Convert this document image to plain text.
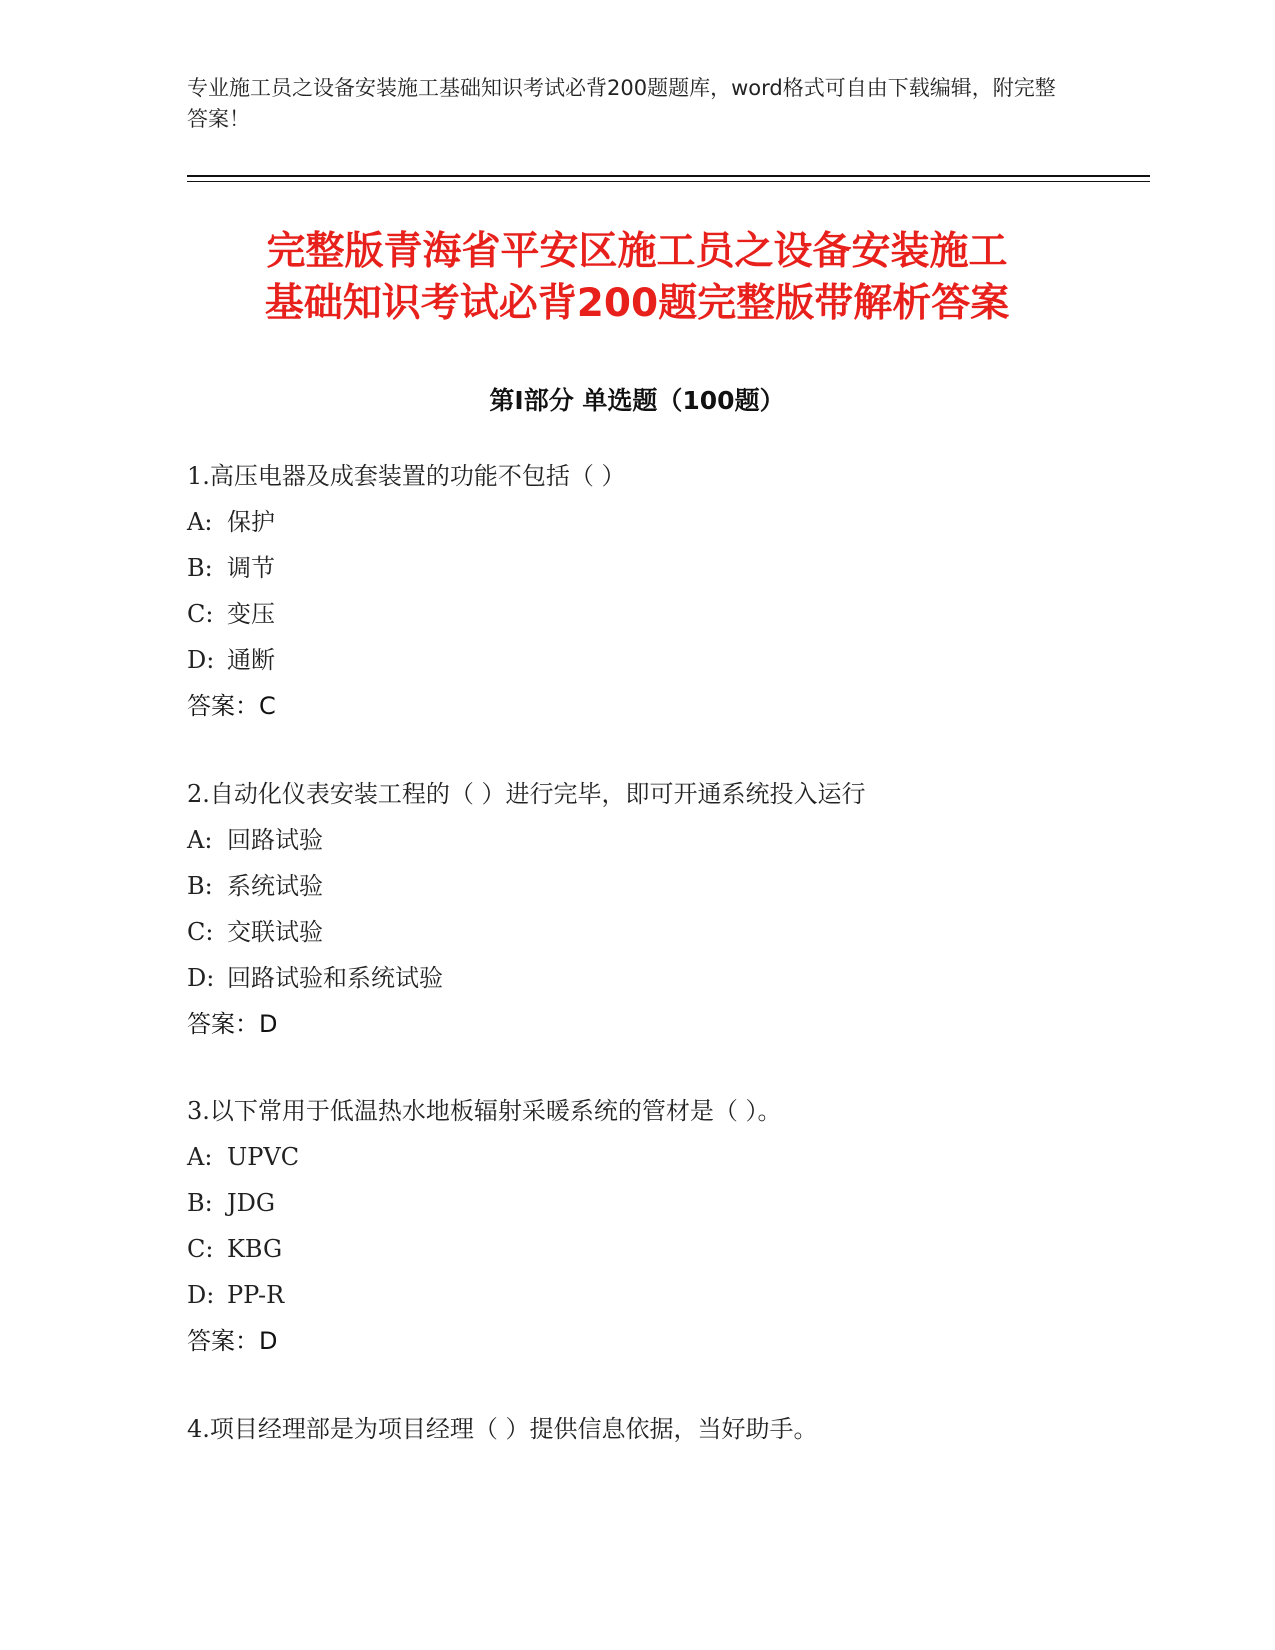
专业施工员之设备安装施工基础知识考试必背200题题库，word格式可自由下载编辑，附完整答案！
完整版青海省平安区施工员之设备安装施工
基础知识考试必背200题完整版带解析答案
第Ⅰ部分 单选题（100题）
1.高压电器及成套装置的功能不包括（ ）
A: 保护
B: 调节
C: 变压
D: 通断
答案：C
2.自动化仪表安装工程的（ ）进行完毕，即可开通系统投入运行
A: 回路试验
B: 系统试验
C: 交联试验
D: 回路试验和系统试验
答案：D
3.以下常用于低温热水地板辐射采暖系统的管材是（ ）。
A: UPVC
B: JDG
C: KBG
D: PP-R
答案：D
4.项目经理部是为项目经理（ ）提供信息依据，当好助手。
